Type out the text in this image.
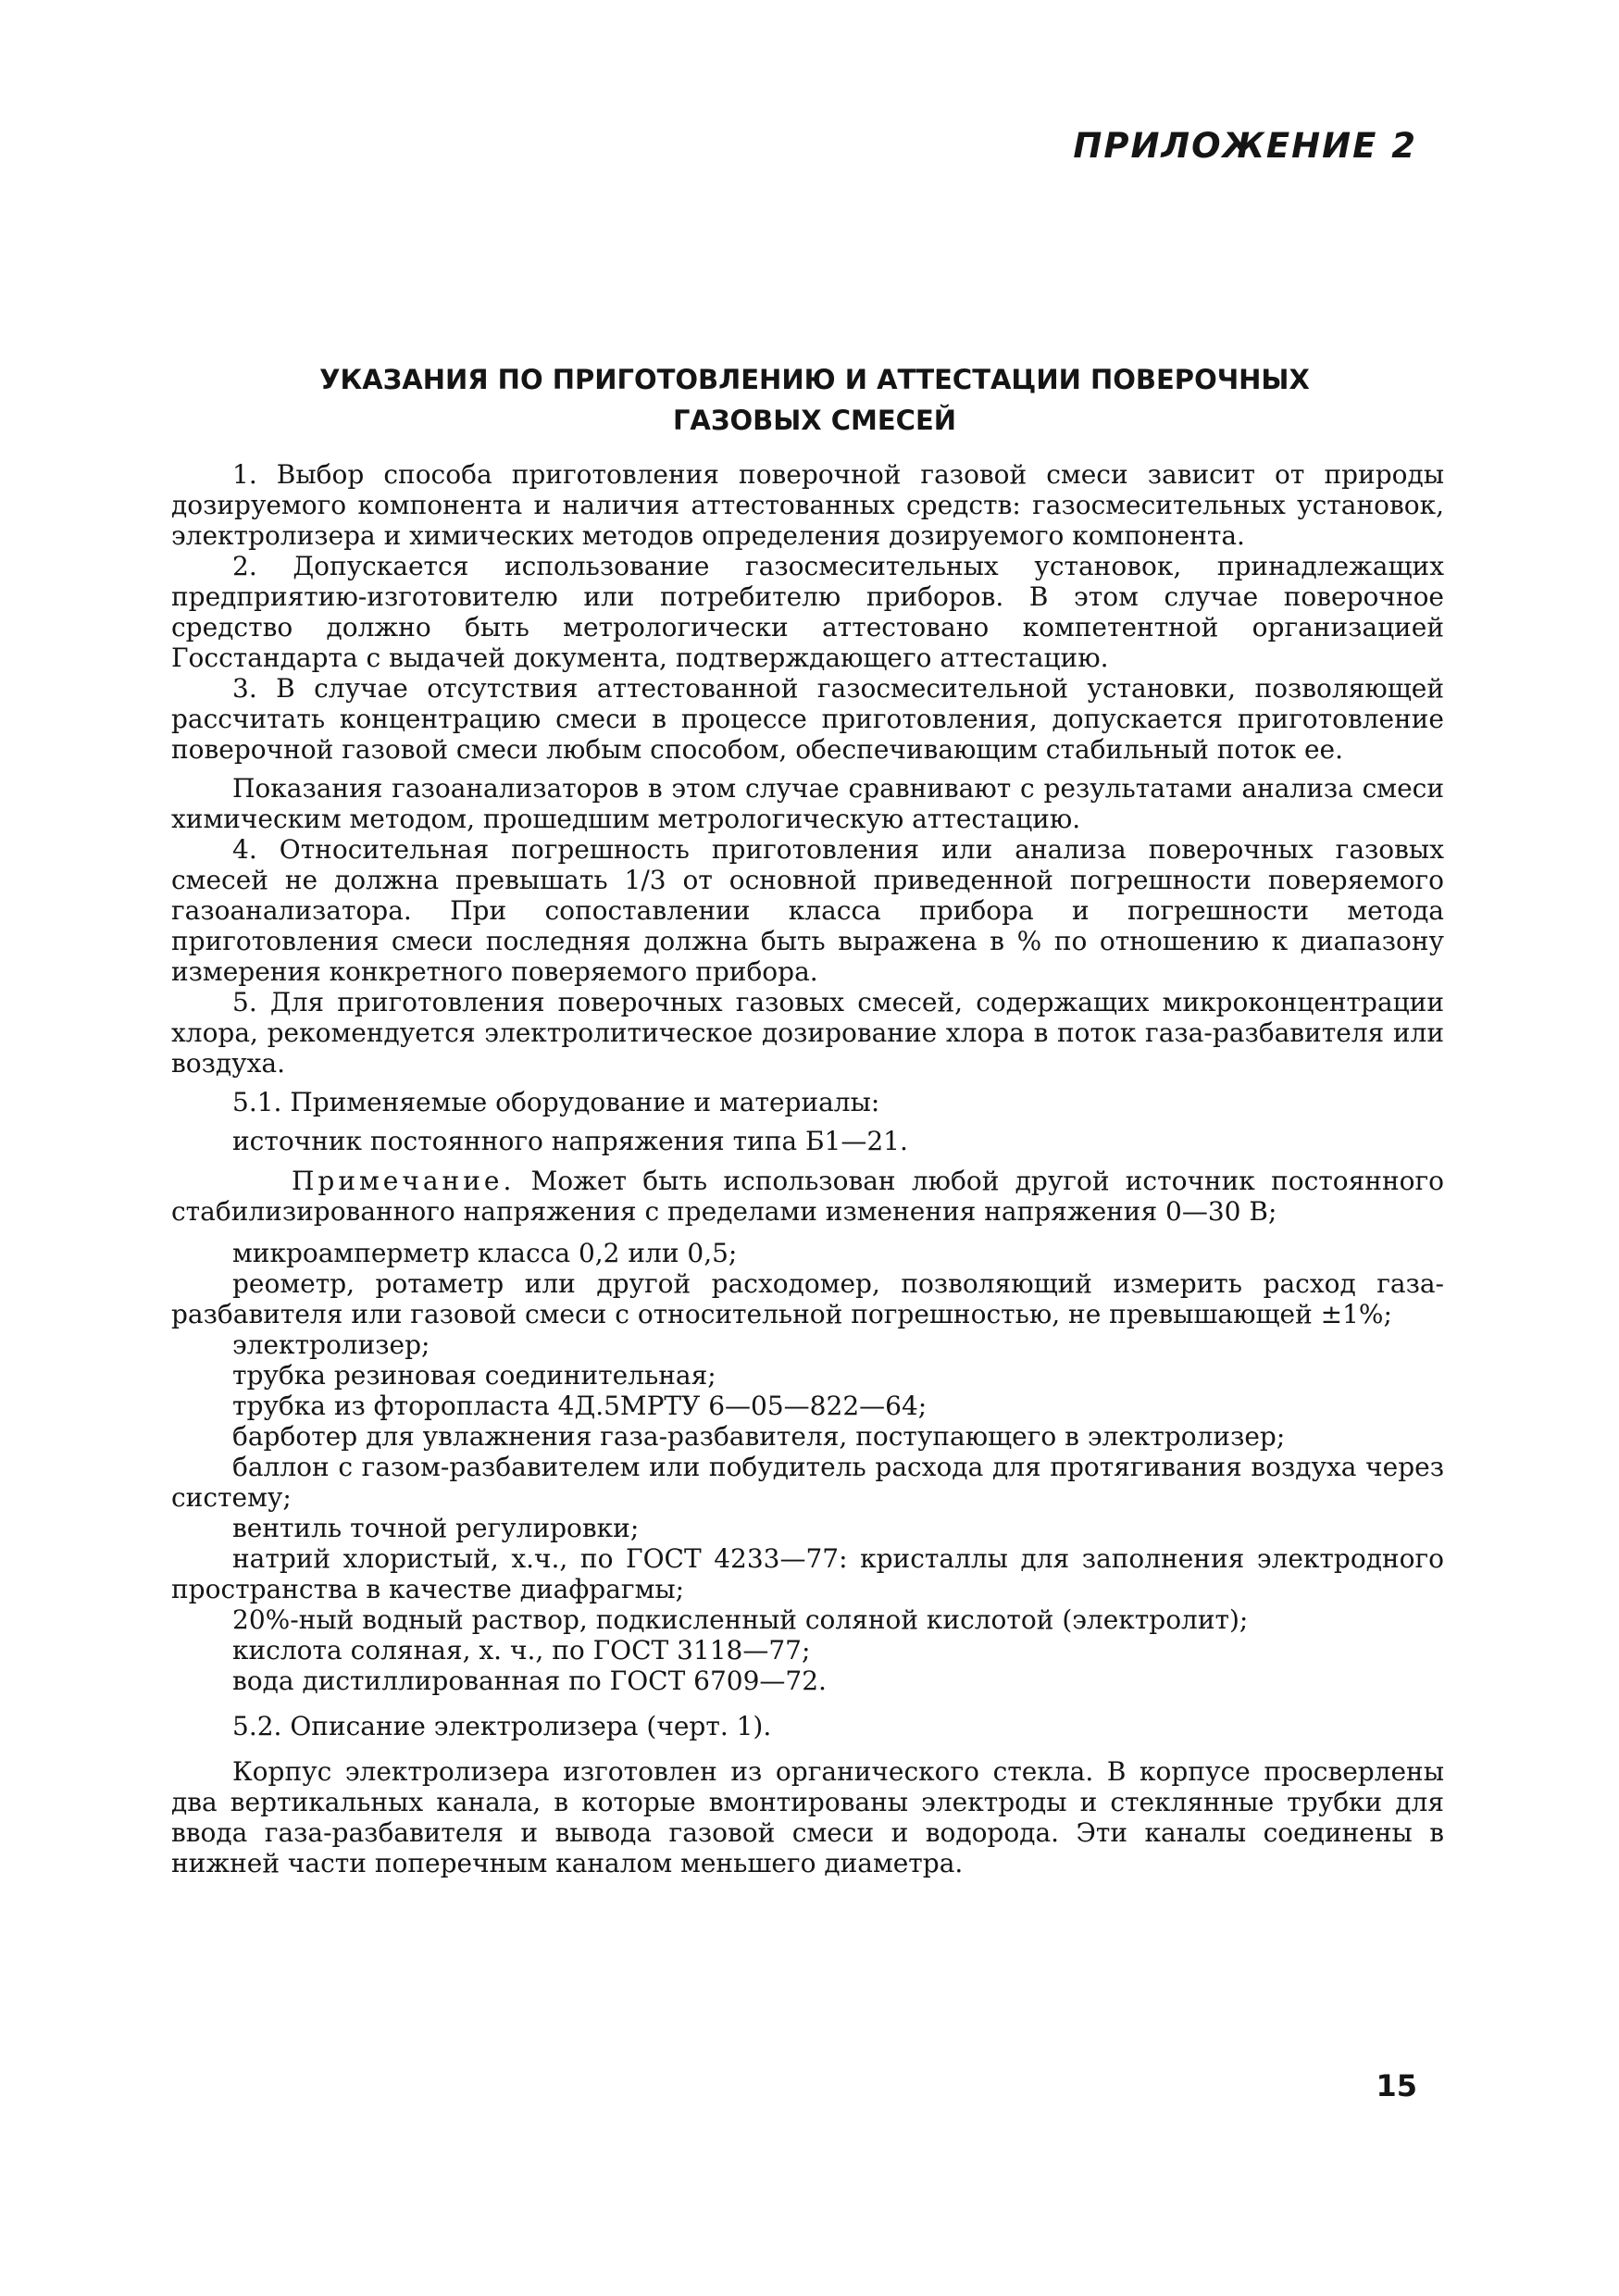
ПРИЛОЖЕНИЕ 2
УКАЗАНИЯ ПО ПРИГОТОВЛЕНИЮ И АТТЕСТАЦИИ ПОВЕРОЧНЫХ
ГАЗОВЫХ СМЕСЕЙ

1. Выбор способа приготовления поверочной газовой смеси зависит от природы дозируемого компонента и наличия аттестованных средств: газосмесительных установок, электролизера и химических методов определения дозируемого компонента.

2. Допускается использование газосмесительных установок, принадлежащих предприятию-изготовителю или потребителю приборов. В этом случае поверочное средство должно быть метрологически аттестовано компетентной организацией Госстандарта с выдачей документа, подтверждающего аттестацию.

3. В случае отсутствия аттестованной газосмесительной установки, позволяющей рассчитать концентрацию смеси в процессе приготовления, допускается приготовление поверочной газовой смеси любым способом, обеспечивающим стабильный поток ее.

Показания газоанализаторов в этом случае сравнивают с результатами анализа смеси химическим методом, прошедшим метрологическую аттестацию.

4. Относительная погрешность приготовления или анализа поверочных газовых смесей не должна превышать 1/3 от основной приведенной погрешности поверяемого газоанализатора. При сопоставлении класса прибора и погрешности метода приготовления смеси последняя должна быть выражена в % по отношению к диапазону измерения конкретного поверяемого прибора.

5. Для приготовления поверочных газовых смесей, содержащих микроконцентрации хлора, рекомендуется электролитическое дозирование хлора в поток газа-разбавителя или воздуха.

5.1. Применяемые оборудование и материалы:

источник постоянного напряжения типа Б1—21.

Примечание. Может быть использован любой другой источник постоянного стабилизированного напряжения с пределами изменения напряжения 0—30 В;

микроамперметр класса 0,2 или 0,5;

реометр, ротаметр или другой расходомер, позволяющий измерить расход газа-разбавителя или газовой смеси с относительной погрешностью, не превышающей ±1%;

электролизер;

трубка резиновая соединительная;

трубка из фторопласта 4Д.5МРТУ 6—05—822—64;

барботер для увлажнения газа-разбавителя, поступающего в электролизер;

баллон с газом-разбавителем или побудитель расхода для протягивания воздуха через систему;

вентиль точной регулировки;

натрий хлористый, х.ч., по ГОСТ 4233—77: кристаллы для заполнения электродного пространства в качестве диафрагмы;

20%-ный водный раствор, подкисленный соляной кислотой (электролит);

кислота соляная, х. ч., по ГОСТ 3118—77;

вода дистиллированная по ГОСТ 6709—72.

5.2. Описание электролизера (черт. 1).

Корпус электролизера изготовлен из органического стекла. В корпусе просверлены два вертикальных канала, в которые вмонтированы электроды и стеклянные трубки для ввода газа-разбавителя и вывода газовой смеси и водорода. Эти каналы соединены в нижней части поперечным каналом меньшего диаметра.

15
